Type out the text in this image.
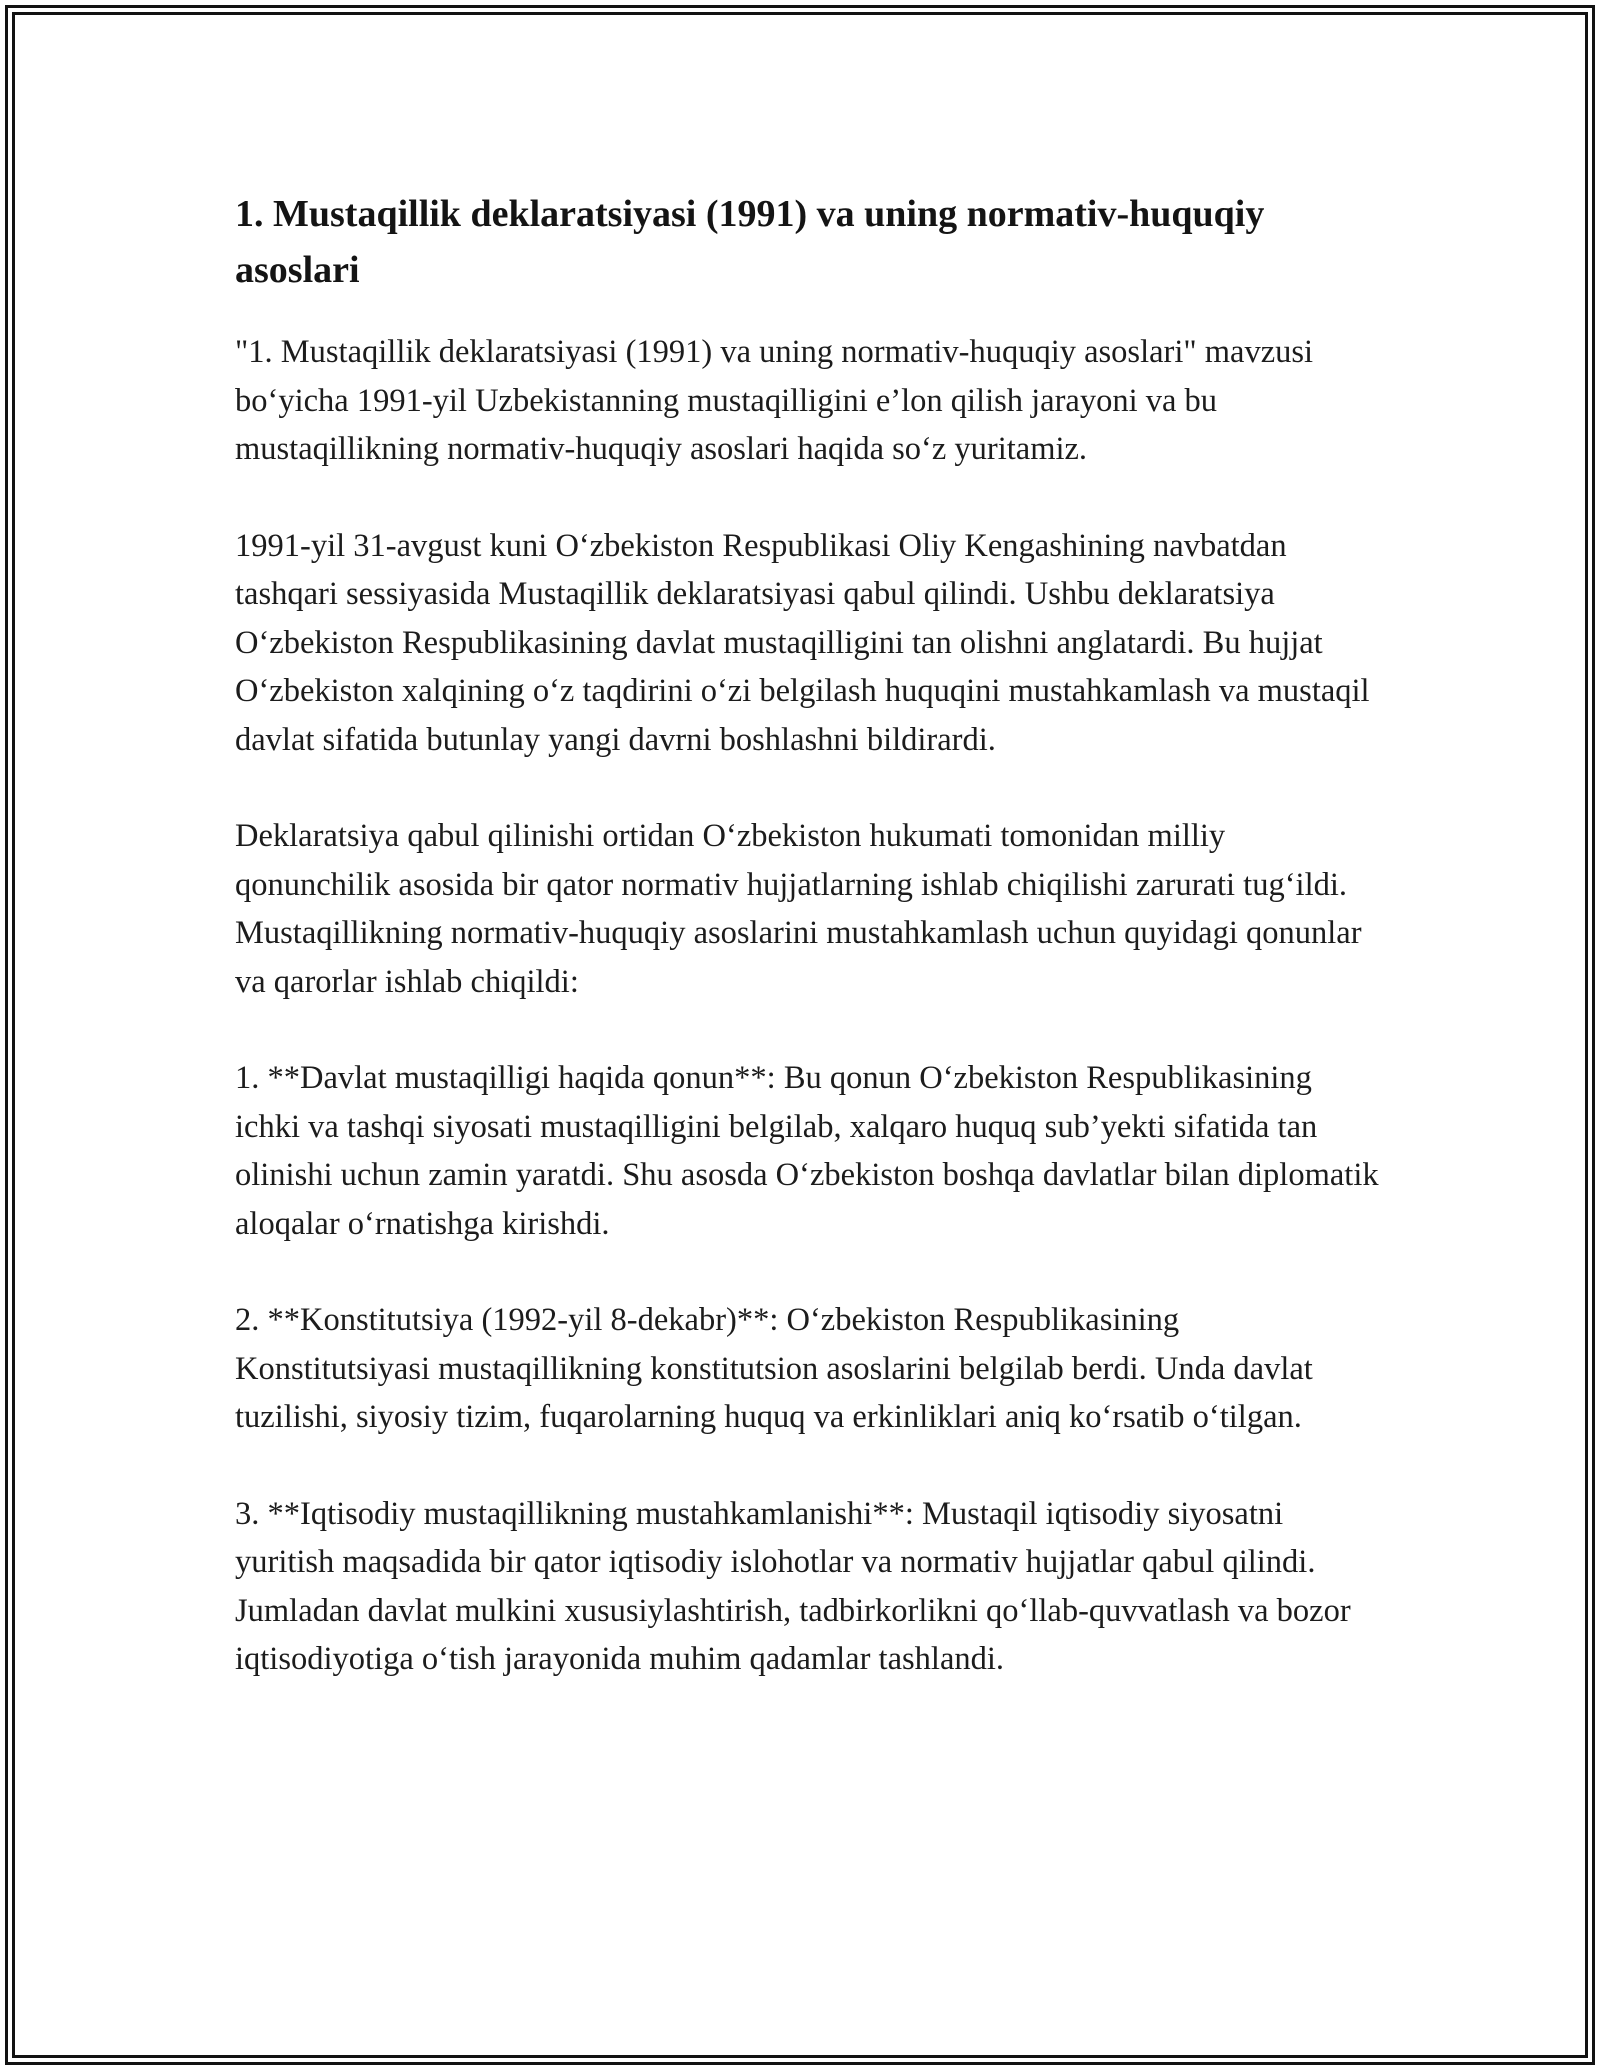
1. Mustaqillik deklaratsiyasi (1991) va uning normativ-huquqiy asoslari

"1. Mustaqillik deklaratsiyasi (1991) va uning normativ-huquqiy asoslari" mavzusi bo‘yicha 1991-yil Uzbekistanning mustaqilligini e’lon qilish jarayoni va bu mustaqillikning normativ-huquqiy asoslari haqida so‘z yuritamiz.

1991-yil 31-avgust kuni O‘zbekiston Respublikasi Oliy Kengashining navbatdan tashqari sessiyasida Mustaqillik deklaratsiyasi qabul qilindi. Ushbu deklaratsiya O‘zbekiston Respublikasining davlat mustaqilligini tan olishni anglatardi. Bu hujjat O‘zbekiston xalqining o‘z taqdirini o‘zi belgilash huquqini mustahkamlash va mustaqil davlat sifatida butunlay yangi davrni boshlashni bildirardi.

Deklaratsiya qabul qilinishi ortidan O‘zbekiston hukumati tomonidan milliy qonunchilik asosida bir qator normativ hujjatlarning ishlab chiqilishi zarurati tug‘ildi. Mustaqillikning normativ-huquqiy asoslarini mustahkamlash uchun quyidagi qonunlar va qarorlar ishlab chiqildi:

1. **Davlat mustaqilligi haqida qonun**: Bu qonun O‘zbekiston Respublikasining ichki va tashqi siyosati mustaqilligini belgilab, xalqaro huquq sub’yekti sifatida tan olinishi uchun zamin yaratdi. Shu asosda O‘zbekiston boshqa davlatlar bilan diplomatik aloqalar o‘rnatishga kirishdi.

2. **Konstitutsiya (1992-yil 8-dekabr)**: O‘zbekiston Respublikasining Konstitutsiyasi mustaqillikning konstitutsion asoslarini belgilab berdi. Unda davlat tuzilishi, siyosiy tizim, fuqarolarning huquq va erkinliklari aniq ko‘rsatib o‘tilgan.

3. **Iqtisodiy mustaqillikning mustahkamlanishi**: Mustaqil iqtisodiy siyosatni yuritish maqsadida bir qator iqtisodiy islohotlar va normativ hujjatlar qabul qilindi. Jumladan davlat mulkini xususiylashtirish, tadbirkorlikni qo‘llab-quvvatlash va bozor iqtisodiyotiga o‘tish jarayonida muhim qadamlar tashlandi.
